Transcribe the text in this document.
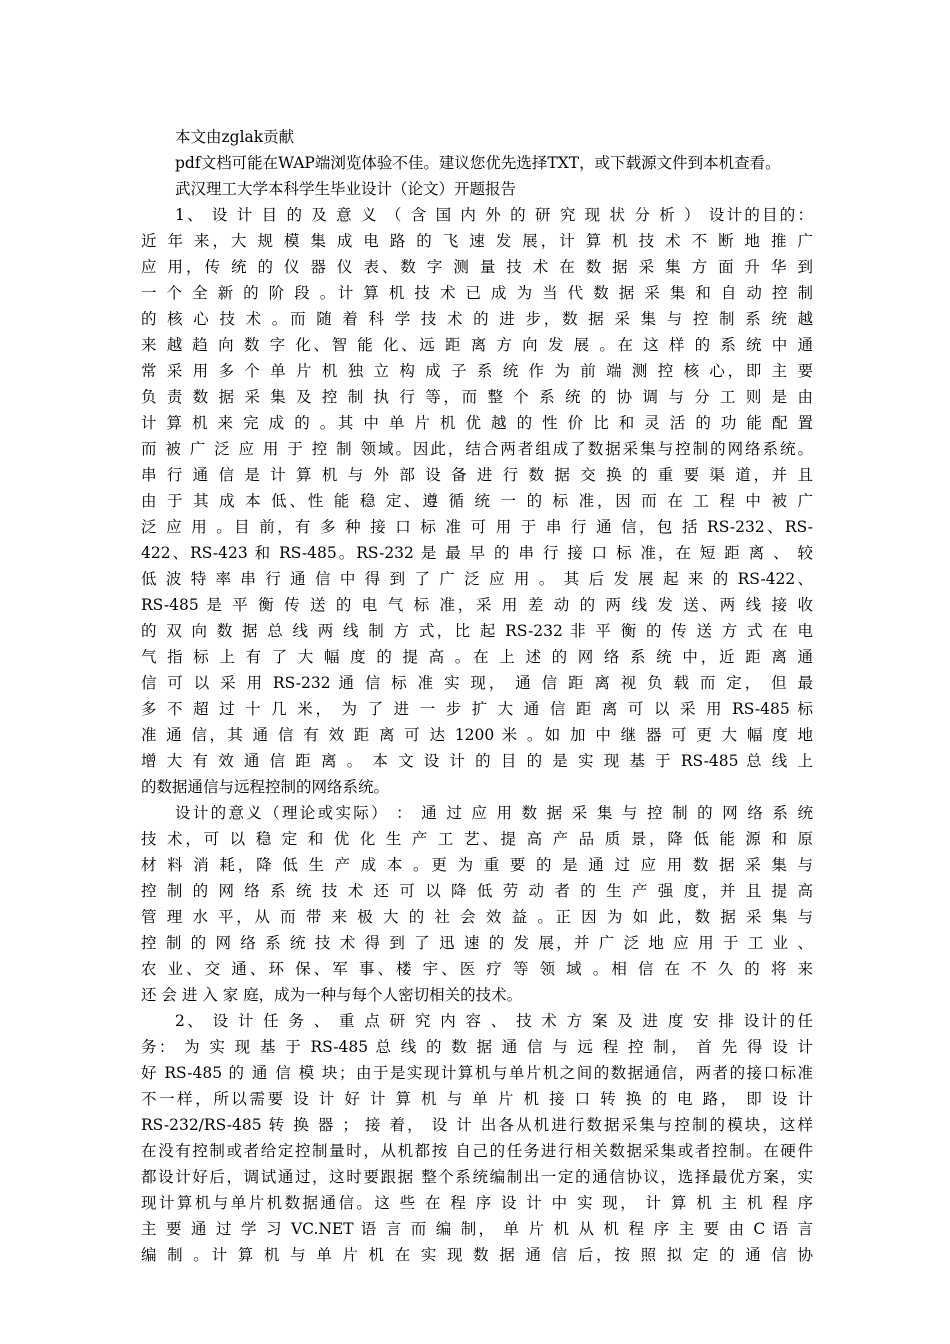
本文由zglak贡献
pdf文档可能在WAP端浏览体验不佳。建议您优先选择TXT，或下载源文件到本机查看。
武汉理工大学本科学生毕业设计（论文）开题报告
1、 设 计 目 的 及 意 义 （ 含 国 内 外 的 研 究 现 状 分 析 ） 设计的目的：
近 年 来，大 规 模 集 成 电 路 的 飞 速 发 展，计 算 机 技 术 不 断 地 推 广
应 用，传 统 的 仪 器 仪 表、数 字 测 量 技 术 在 数 据 采 集 方 面 升 华 到
一 个 全 新 的 阶 段 。计 算 机 技 术 已 成 为 当 代 数 据 采 集 和 自 动 控 制
的 核 心 技 术 。而 随 着 科 学 技 术 的 进 步，数 据 采 集 与 控 制 系 统 越
来 越 趋 向 数 字 化、智 能 化、远 距 离 方 向 发 展 。在 这 样 的 系 统 中 通
常 采 用 多 个 单 片 机 独 立 构 成 子 系 统 作 为 前 端 测 控 核 心，即 主 要
负 责 数 据 采 集 及 控 制 执 行 等，而 整 个 系 统 的 协 调 与 分 工 则 是 由
计 算 机 来 完 成 的 。其 中 单 片 机 优 越 的 性 价 比 和 灵 活 的 功 能 配 置
而 被 广 泛 应 用 于 控 制 领域。因此，结合两者组成了数据采集与控制的网络系统。
串 行 通 信 是 计 算 机 与 外 部 设 备 进 行 数 据 交 换 的 重 要 渠 道，并 且
由 于 其 成 本 低、性 能 稳 定、遵 循 统 一 的 标 准，因 而 在 工 程 中 被 广
泛 应 用 。目 前，有 多 种 接 口 标 准 可 用 于 串 行 通 信，包 括 RS-232、RS-
422、RS-423 和 RS-485。RS-232 是 最 早 的 串 行 接 口 标 准，在 短 距 离 、 较
低 波 特 率 串 行 通 信 中 得 到 了 广 泛 应 用 。 其 后 发 展 起 来 的 RS-422、
RS-485 是 平 衡 传 送 的 电 气 标 准，采 用 差 动 的 两 线 发 送、两 线 接 收
的 双 向 数 据 总 线 两 线 制 方 式，比 起 RS-232 非 平 衡 的 传 送 方 式 在 电
气 指 标 上 有 了 大 幅 度 的 提 高 。在 上 述 的 网 络 系 统 中，近 距 离 通
信 可 以 采 用 RS-232 通 信 标 准 实 现， 通 信 距 离 视 负 载 而 定， 但 最
多 不 超 过 十 几 米， 为 了 进 一 步 扩 大 通 信 距 离 可 以 采 用 RS-485 标
准 通 信，其 通 信 有 效 距 离 可 达 1200 米 。如 加 中 继 器 可 更 大 幅 度 地
增 大 有 效 通 信 距 离 。 本 文 设 计 的 目 的 是 实 现 基 于 RS-485 总 线 上
的数据通信与远程控制的网络系统。
设计的意义（理论或实际） ： 通 过 应 用 数 据 采 集 与 控 制 的 网 络 系 统
技 术，可 以 稳 定 和 优 化 生 产 工 艺、提 高 产 品 质 景，降 低 能 源 和 原
材 料 消 耗，降 低 生 产 成 本 。更 为 重 要 的 是 通 过 应 用 数 据 采 集 与
控 制 的 网 络 系 统 技 术 还 可 以 降 低 劳 动 者 的 生 产 强 度，并 且 提 高
管 理 水 平，从 而 带 来 极 大 的 社 会 效 益 。正 因 为 如 此，数 据 采 集 与
控 制 的 网 络 系 统 技 术 得 到 了 迅 速 的 发 展，并 广 泛 地 应 用 于 工 业 、
农 业、交 通、环 保、军 事、楼 宇、医 疗 等 领 域 。相 信 在 不 久 的 将 来
还 会 进 入 家 庭，成为一种与每个人密切相关的技术。
2、 设 计 任 务 、 重 点 研 究 内 容 、 技 术 方 案 及 进 度 安 排 设计的任
务： 为 实 现 基 于 RS-485 总 线 的 数 据 通 信 与 远 程 控 制， 首 先 得 设 计
好 RS-485 的 通 信 模 块；由于是实现计算机与单片机之间的数据通信，两者的接口标准
不一样，所以需要 设 计 好 计 算 机 与 单 片 机 接 口 转 换 的 电 路， 即 设 计
RS-232/RS-485 转 换 器 ； 接 着， 设 计 出各从机进行数据采集与控制的模块，这样
在没有控制或者给定控制量时，从机都按 自己的任务进行相关数据采集或者控制。在硬件
都设计好后，调试通过，这时要跟据 整个系统编制出一定的通信协议，选择最优方案，实
现计算机与单片机数据通信。这 些 在 程 序 设 计 中 实 现， 计 算 机 主 机 程 序
主 要 通 过 学 习 VC.NET 语 言 而 编 制， 单 片 机 从 机 程 序 主 要 由 C 语 言
编 制 。计 算 机 与 单 片 机 在 实 现 数 据 通 信 后，按 照 拟 定 的 通 信 协
